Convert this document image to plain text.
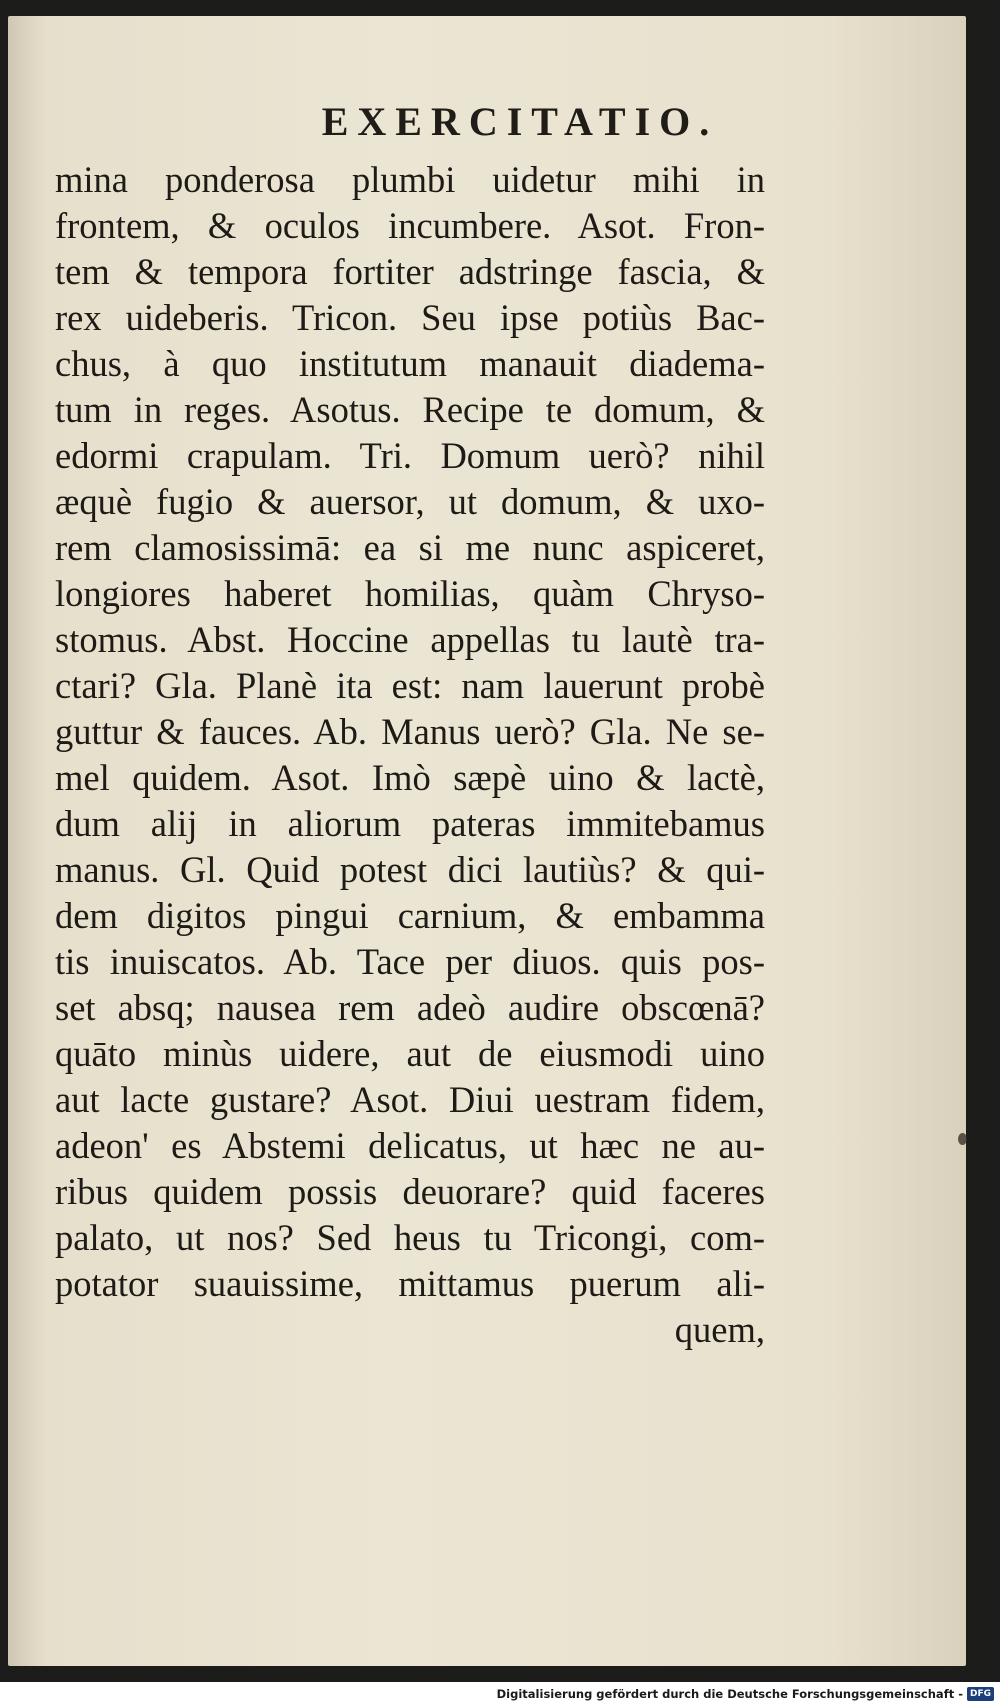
EXERCITATIO.
mina ponderosa plumbi uidetur mihi in
frontem, & oculos incumbere. Asot. Fron-
tem & tempora fortiter adstringe fascia, &
rex uideberis. Tricon. Seu ipse potiùs Bac-
chus, à quo institutum manauit diadema-
tum in reges. Asotus. Recipe te domum, &
edormi crapulam. Tri. Domum uerò? nihil
æquè fugio & auersor, ut domum, & uxo-
rem clamosissimā: ea si me nunc aspiceret,
longiores haberet homilias, quàm Chryso-
stomus. Abst. Hoccine appellas tu lautè tra-
ctari? Gla. Planè ita est: nam lauerunt probè
guttur & fauces. Ab. Manus uerò? Gla. Ne se-
mel quidem. Asot. Imò sæpè uino & lactè,
dum alij in aliorum pateras immitebamus
manus. Gl. Quid potest dici lautiùs? & qui-
dem digitos pingui carnium, & embamma
tis inuiscatos. Ab. Tace per diuos. quis pos-
set absq; nausea rem adeò audire obscœnā?
quāto minùs uidere, aut de eiusmodi uino
aut lacte gustare? Asot. Diui uestram fidem,
adeon' es Abstemi delicatus, ut hæc ne au-
ribus quidem possis deuorare? quid faceres
palato, ut nos? Sed heus tu Tricongi, com-
potator suauissime, mittamus puerum ali-
quem,
Digitalisierung gefördert durch die Deutsche Forschungsgemeinschaft - DFG
